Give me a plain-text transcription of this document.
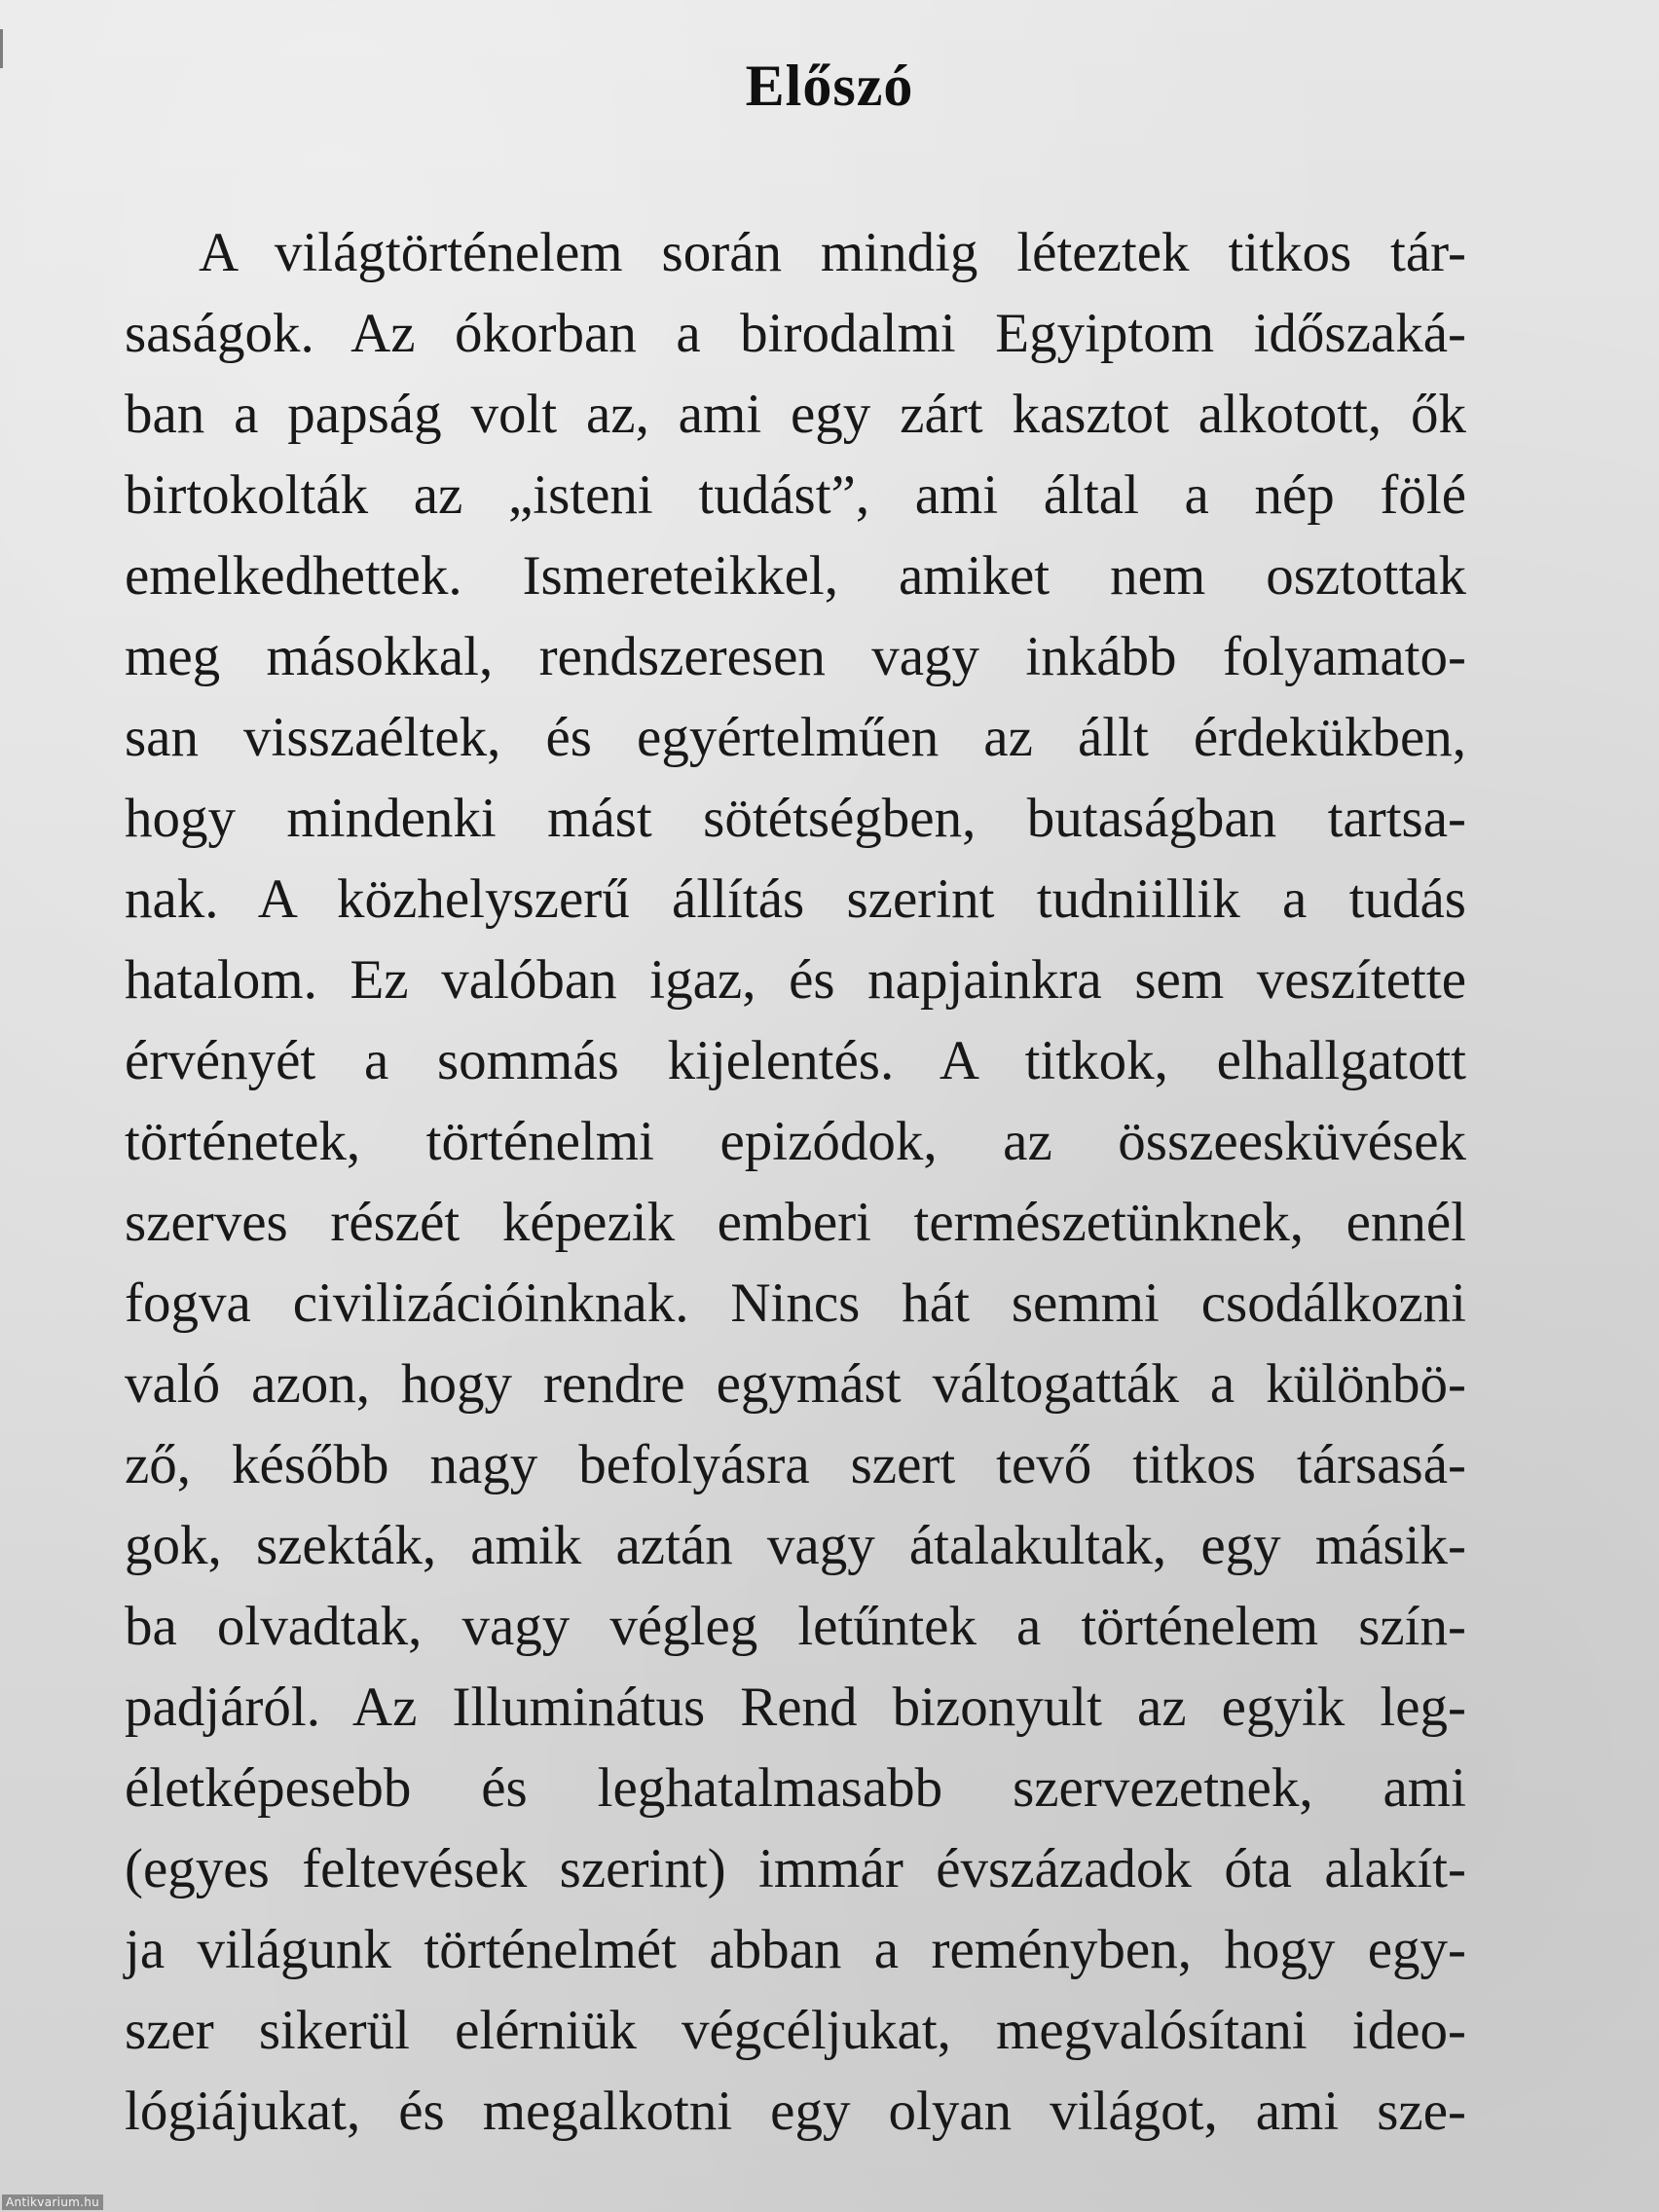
Előszó
A világtörténelem során mindig léteztek titkos tár-
saságok. Az ókorban a birodalmi Egyiptom időszaká-
ban a papság volt az, ami egy zárt kasztot alkotott, ők
birtokolták az „isteni tudást”, ami által a nép fölé
emelkedhettek. Ismereteikkel, amiket nem osztottak
meg másokkal, rendszeresen vagy inkább folyamato-
san visszaéltek, és egyértelműen az állt érdekükben,
hogy mindenki mást sötétségben, butaságban tartsa-
nak. A közhelyszerű állítás szerint tudniillik a tudás
hatalom. Ez valóban igaz, és napjainkra sem veszítette
érvényét a sommás kijelentés. A titkok, elhallgatott
történetek, történelmi epizódok, az összeesküvések
szerves részét képezik emberi természetünknek, ennél
fogva civilizációinknak. Nincs hát semmi csodálkozni
való azon, hogy rendre egymást váltogatták a különbö-
ző, később nagy befolyásra szert tevő titkos társasá-
gok, szekták, amik aztán vagy átalakultak, egy másik-
ba olvadtak, vagy végleg letűntek a történelem szín-
padjáról. Az Illuminátus Rend bizonyult az egyik leg-
életképesebb és leghatalmasabb szervezetnek, ami
(egyes feltevések szerint) immár évszázadok óta alakít-
ja világunk történelmét abban a reményben, hogy egy-
szer sikerül elérniük végcéljukat, megvalósítani ideo-
lógiájukat, és megalkotni egy olyan világot, ami sze-
Antikvarium.hu
